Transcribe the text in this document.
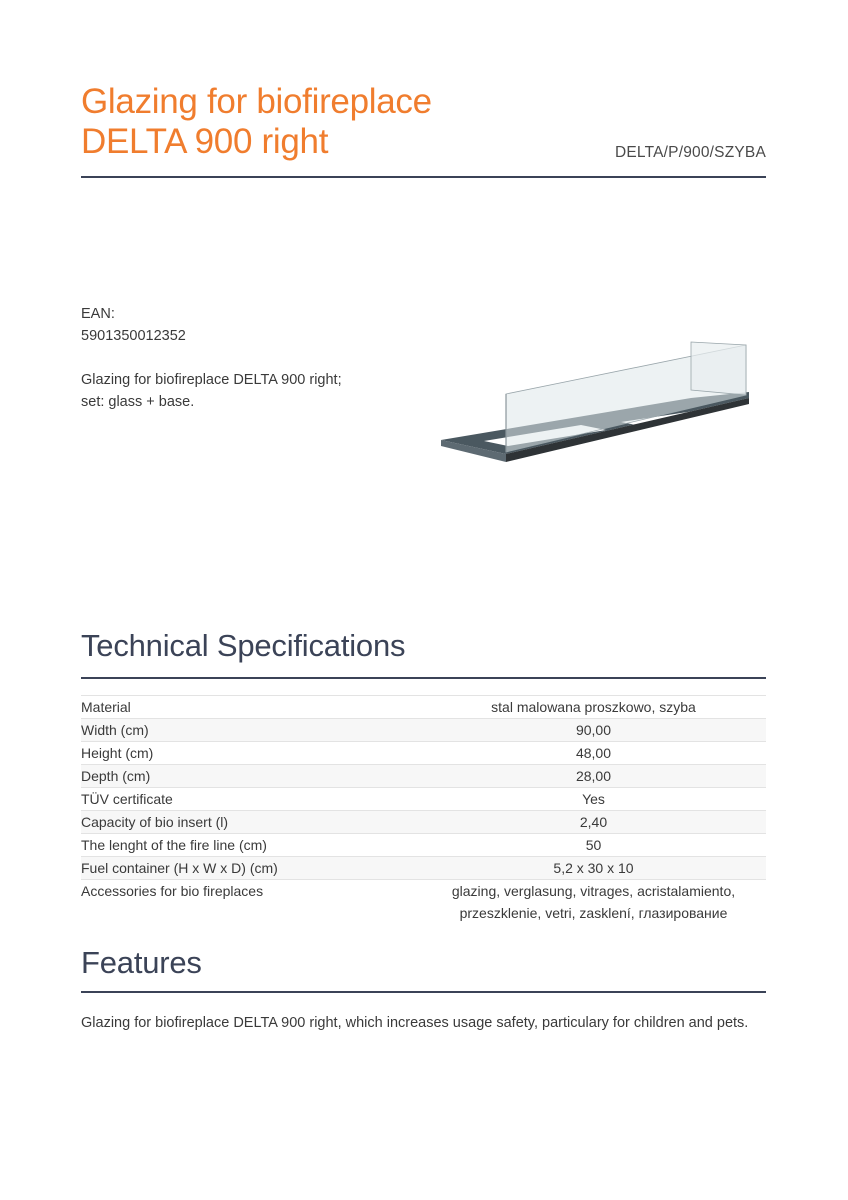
Glazing for biofireplace
DELTA 900 right	DELTA/P/900/SZYBA
EAN:
5901350012352
Glazing for biofireplace DELTA 900 right;
set: glass + base.
Technical Specifications
Material	stal malowana proszkowo, szyba
Width (cm)	90,00
Height (cm)	48,00
Depth (cm)	28,00
TÜV certificate	Yes
Capacity of bio insert (l)	2,40
The lenght of the fire line (cm)	50
Fuel container (H x W x D) (cm)	5,2 x 30 x 10
Accessories for bio fireplaces	glazing, verglasung, vitrages, acristalamiento,
przeszklenie, vetri, zasklení, глазирование
Features
Glazing for biofireplace DELTA 900 right, which increases usage safety, particulary for children and pets.
